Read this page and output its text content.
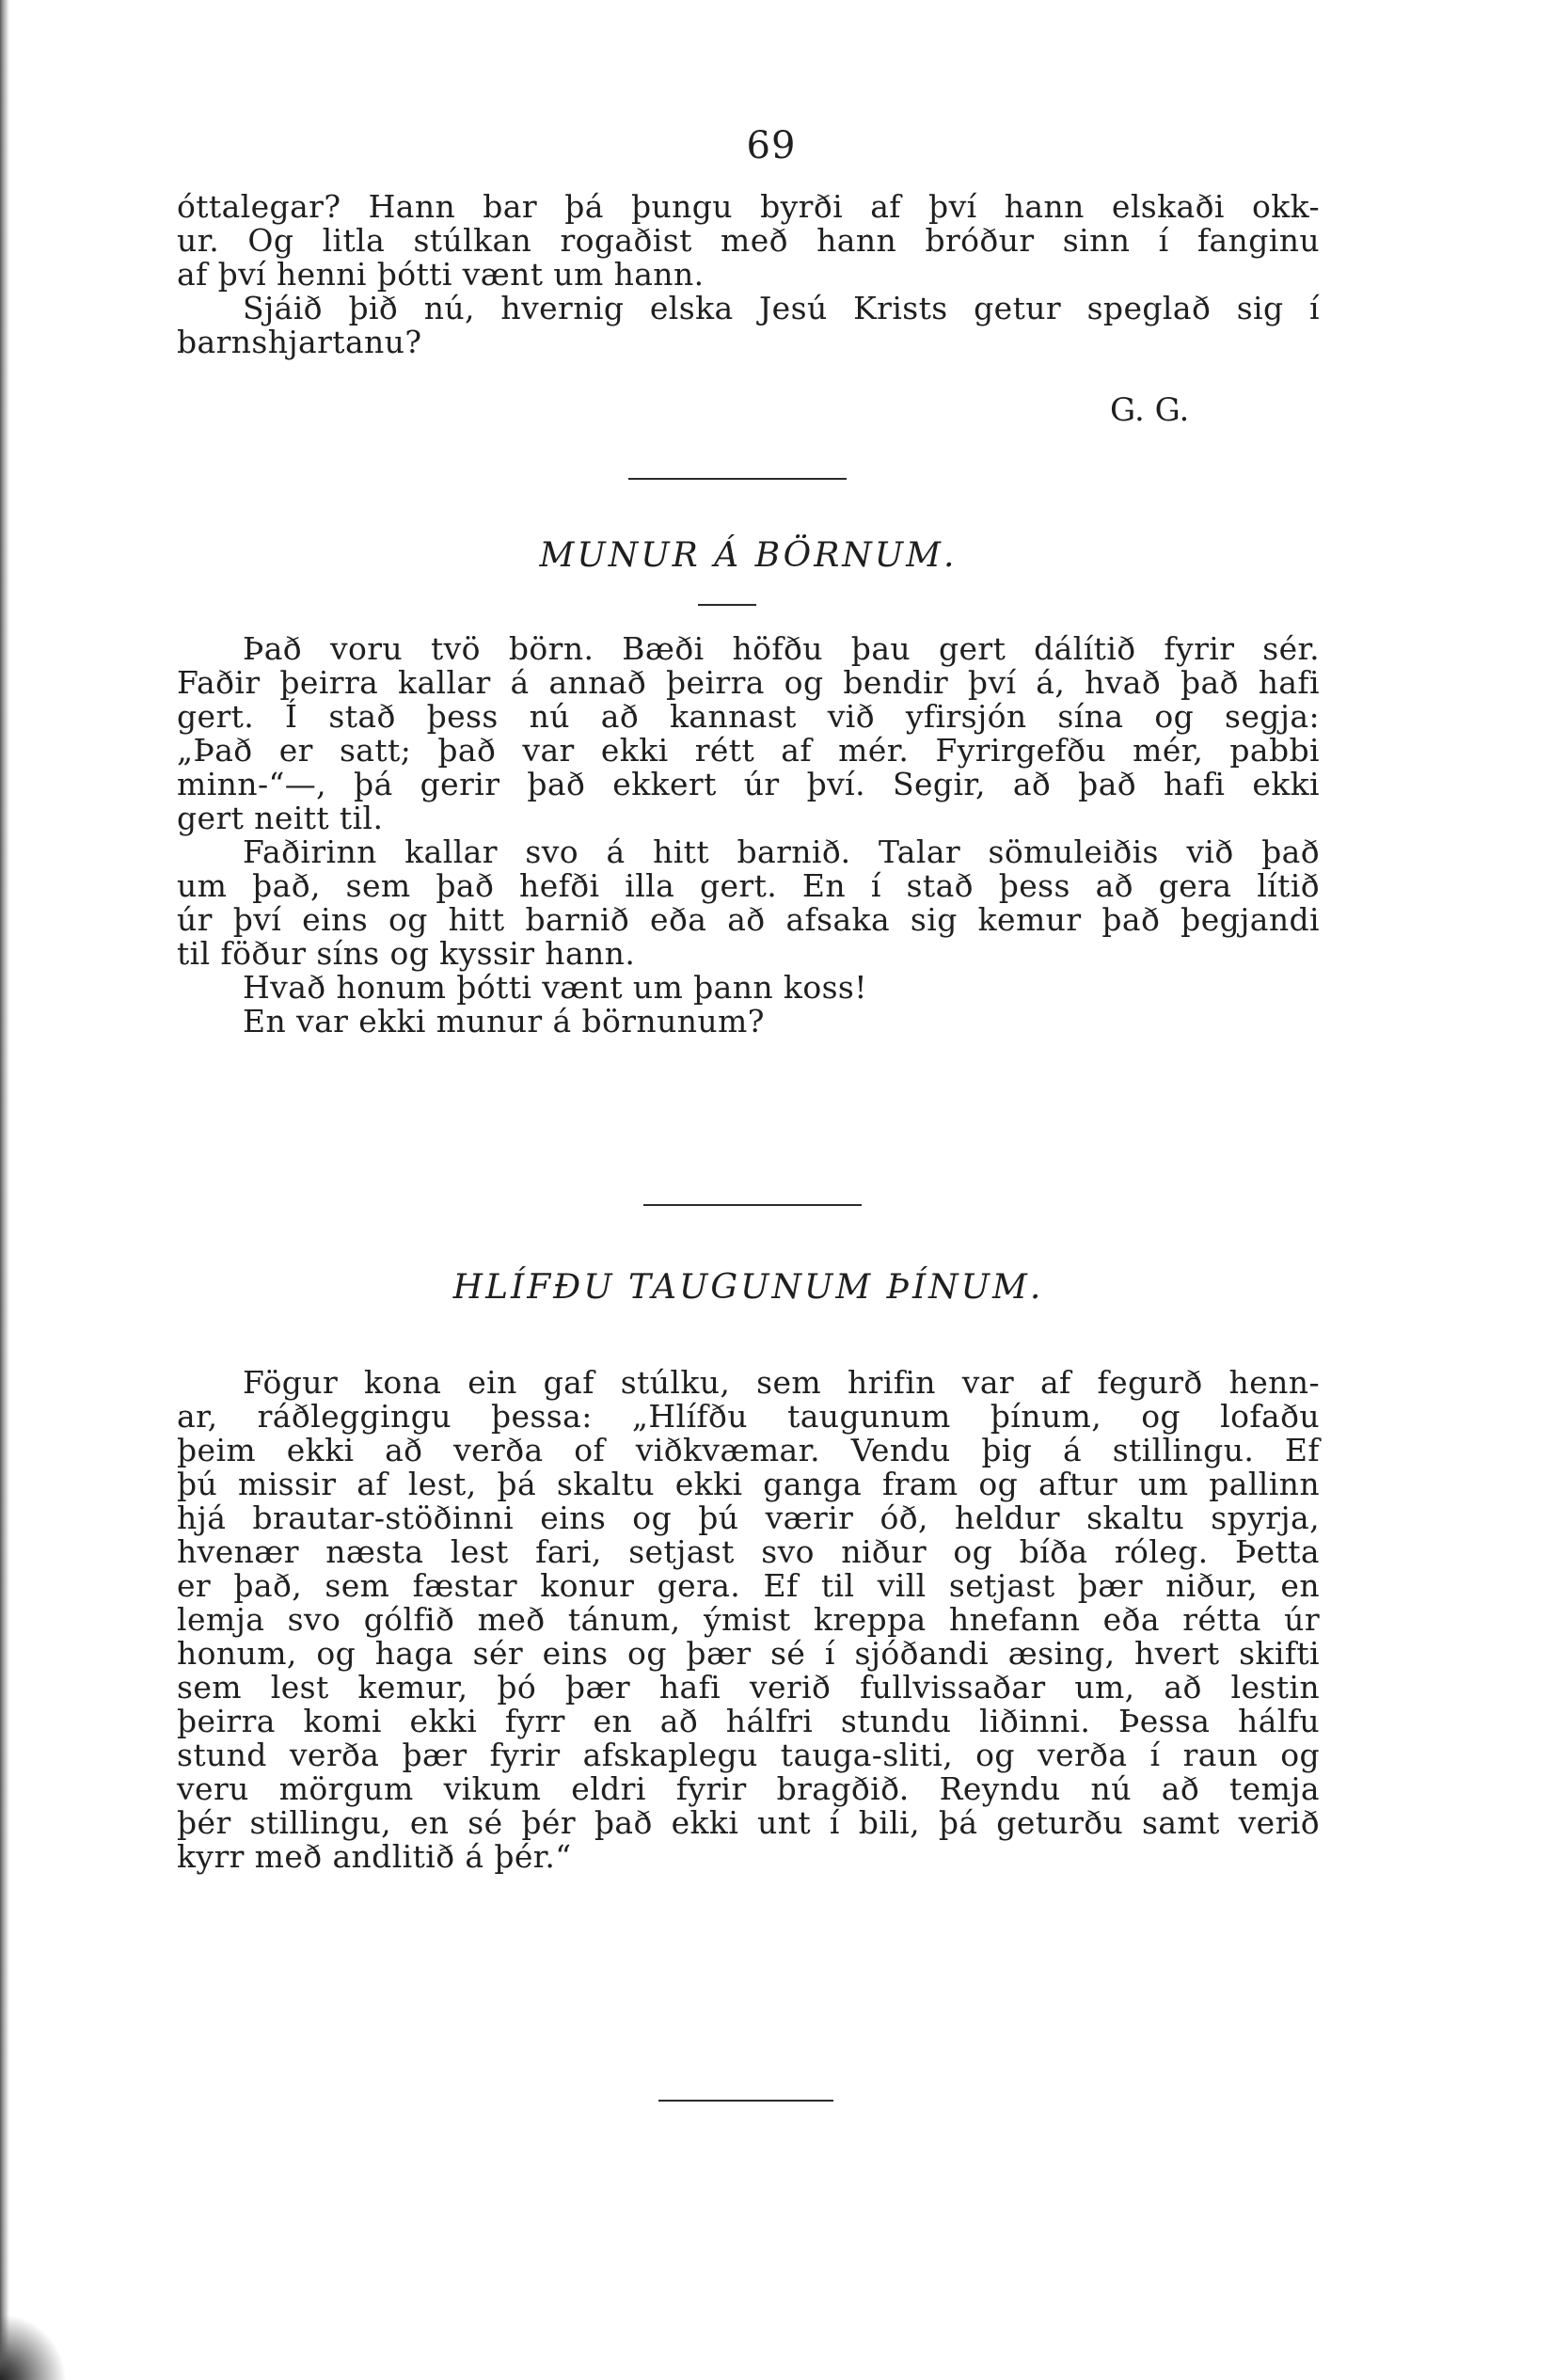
69
óttalegar? Hann bar þá þungu byrði af því hann elskaði okk-
ur. Og litla stúlkan rogaðist með hann bróður sinn í fanginu
af því henni þótti vænt um hann.
Sjáið þið nú, hvernig elska Jesú Krists getur speglað sig í
barnshjartanu?
G. G.
MUNUR Á BÖRNUM.
Það voru tvö börn. Bæði höfðu þau gert dálítið fyrir sér.
Faðir þeirra kallar á annað þeirra og bendir því á, hvað það hafi
gert. Í stað þess nú að kannast við yfirsjón sína og segja:
„Það er satt; það var ekki rétt af mér. Fyrirgefðu mér, pabbi
minn-“—, þá gerir það ekkert úr því. Segir, að það hafi ekki
gert neitt til.
Faðirinn kallar svo á hitt barnið. Talar sömuleiðis við það
um það, sem það hefði illa gert. En í stað þess að gera lítið
úr því eins og hitt barnið eða að afsaka sig kemur það þegjandi
til föður síns og kyssir hann.
Hvað honum þótti vænt um þann koss!
En var ekki munur á börnunum?
HLÍFÐU TAUGUNUM ÞÍNUM.
Fögur kona ein gaf stúlku, sem hrifin var af fegurð henn-
ar, ráðleggingu þessa: „Hlífðu taugunum þínum, og lofaðu
þeim ekki að verða of viðkvæmar. Vendu þig á stillingu. Ef
þú missir af lest, þá skaltu ekki ganga fram og aftur um pallinn
hjá brautar-stöðinni eins og þú værir óð, heldur skaltu spyrja,
hvenær næsta lest fari, setjast svo niður og bíða róleg. Þetta
er það, sem fæstar konur gera. Ef til vill setjast þær niður, en
lemja svo gólfið með tánum, ýmist kreppa hnefann eða rétta úr
honum, og haga sér eins og þær sé í sjóðandi æsing, hvert skifti
sem lest kemur, þó þær hafi verið fullvissaðar um, að lestin
þeirra komi ekki fyrr en að hálfri stundu liðinni. Þessa hálfu
stund verða þær fyrir afskaplegu tauga-sliti, og verða í raun og
veru mörgum vikum eldri fyrir bragðið. Reyndu nú að temja
þér stillingu, en sé þér það ekki unt í bili, þá geturðu samt verið
kyrr með andlitið á þér.“
